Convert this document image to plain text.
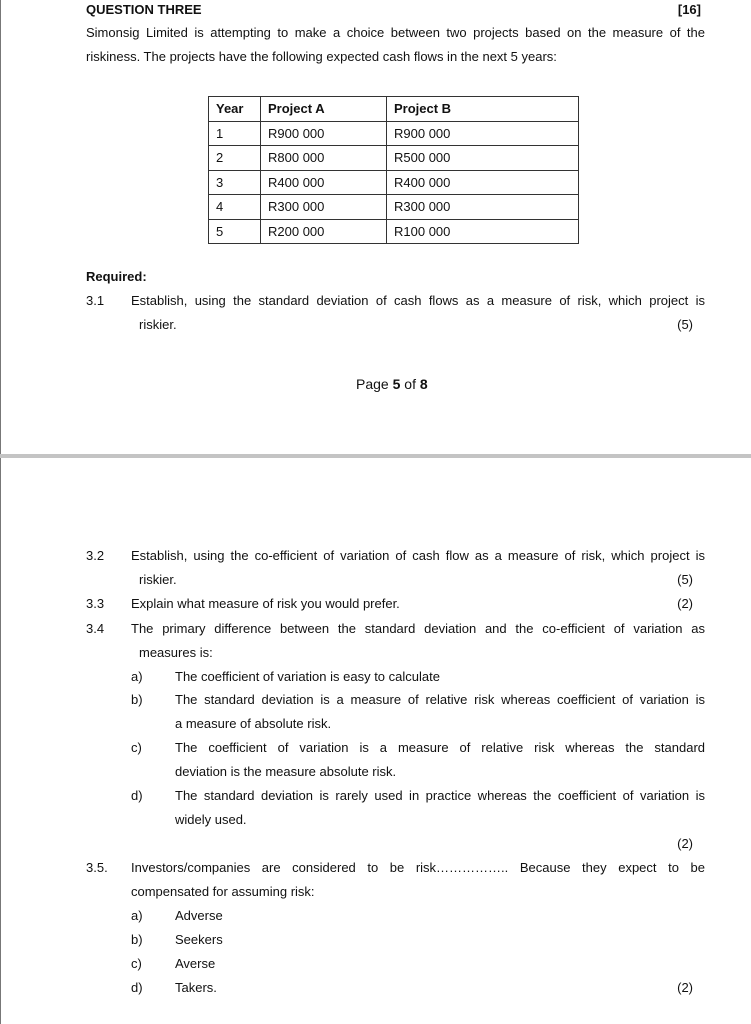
QUESTION THREE	[16]
Simonsig Limited is attempting to make a choice between two projects based on the measure of the
riskiness. The projects have the following expected cash flows in the next 5 years:
Year	Project A	Project B
1	R900 000	R900 000
2	R800 000	R500 000
3	R400 000	R400 000
4	R300 000	R300 000
5	R200 000	R100 000
Required:
3.1 Establish, using the standard deviation of cash flows as a measure of risk, which project is
riskier.	(5)
Page 5 of 8
3.2 Establish, using the co-efficient of variation of cash flow as a measure of risk, which project is
riskier.	(5)
3.3 Explain what measure of risk you would prefer.	(2)
3.4 The primary difference between the standard deviation and the co-efficient of variation as
measures is:
a) The coefficient of variation is easy to calculate
b) The standard deviation is a measure of relative risk whereas coefficient of variation is
a measure of absolute risk.
c)	The coefficient of variation is a measure of relative risk whereas the standard
deviation is the measure absolute risk.
d) The standard deviation is rarely used in practice whereas the coefficient of variation is
widely used.
(2)
3.5. Investors/companies are considered to be risk…………….. Because they expect to be
compensated for assuming risk:
a) Adverse
b) Seekers
c)	Averse
d) Takers.	(2)
